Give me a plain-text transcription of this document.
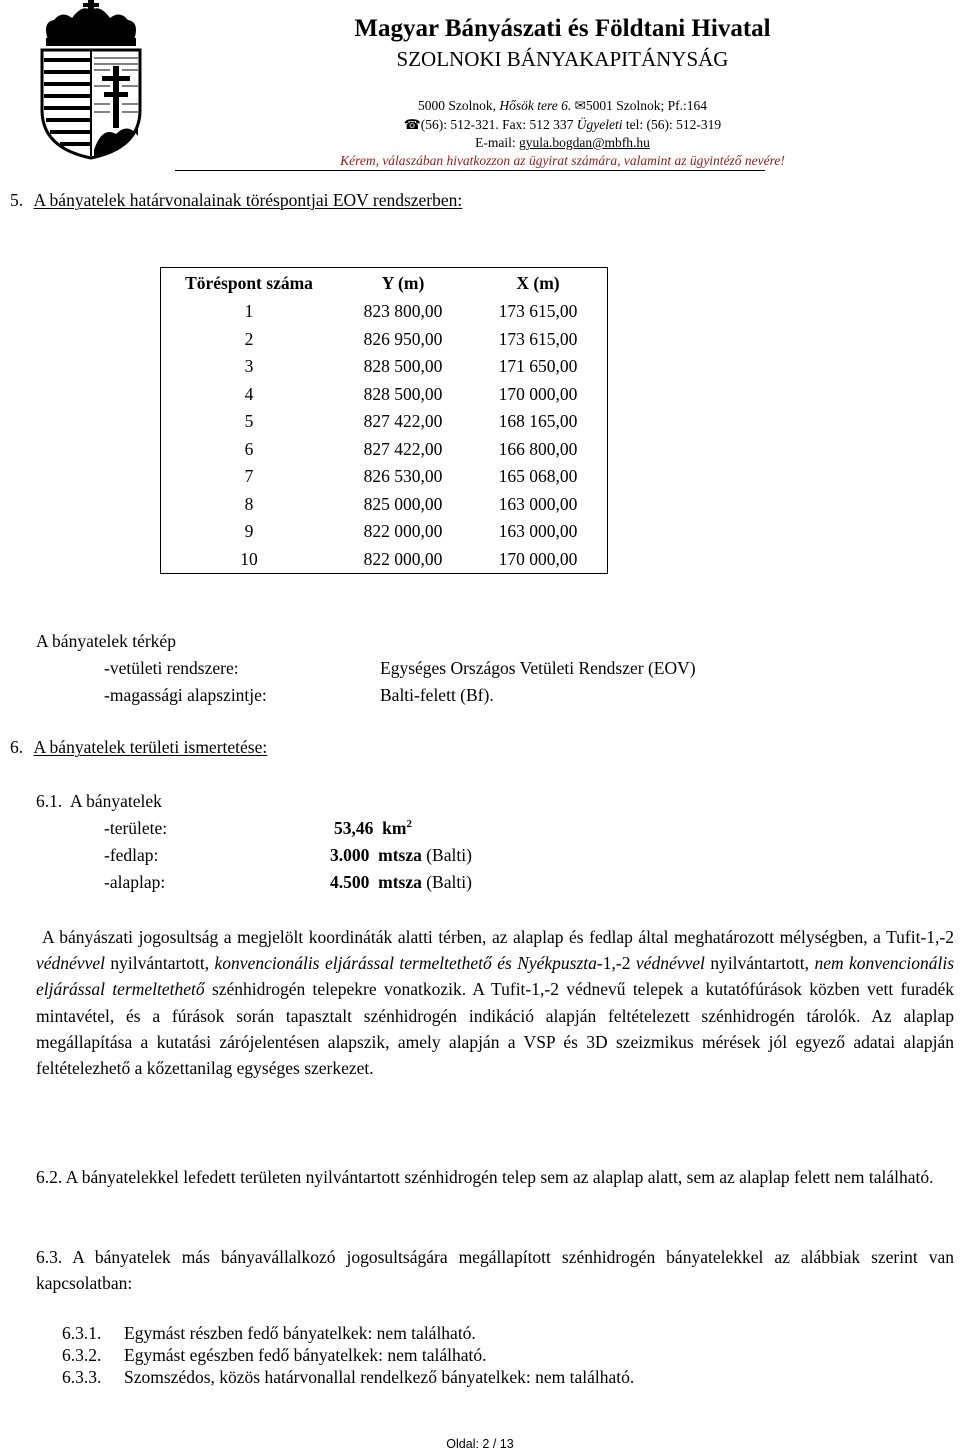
Magyar Bányászati és Földtani Hivatal
SZOLNOKI BÁNYAKAPITÁNYSÁG
5000 Szolnok, Hősök tere 6. ✉5001 Szolnok; Pf.:164
☎(56): 512-321. Fax: 512 337 Ügyeleti tel: (56): 512-319
E-mail: gyula.bogdan@mbfh.hu
Kérem, válaszában hivatkozzon az ügyirat számára, valamint az ügyintéző nevére!
5. A bányatelek határvonalainak töréspontjai EOV rendszerben:
Töréspont száma	Y (m)	X (m)
1	823 800,00	173 615,00
2	826 950,00	173 615,00
3	828 500,00	171 650,00
4	828 500,00	170 000,00
5	827 422,00	168 165,00
6	827 422,00	166 800,00
7	826 530,00	165 068,00
8	825 000,00	163 000,00
9	822 000,00	163 000,00
10	822 000,00	170 000,00
A bányatelek térkép
-vetületi rendszere:	Egységes Országos Vetületi Rendszer (EOV)
-magassági alapszintje:	Balti-felett (Bf).
6. A bányatelek területi ismertetése:
6.1.  A bányatelek
-területe:	53,46  $km^2$
-fedlap:	3.000  mtsza (Balti)
-alaplap:	4.500  mtsza (Balti)
A bányászati jogosultság a megjelölt koordináták alatti térben, az alaplap és fedlap által meghatározott mélységben, a Tufit-1,-2 védnévvel nyilvántartott, konvencionális eljárással termeltethető és Nyékpuszta-1,-2 védnévvel nyilvántartott, nem konvencionális eljárással termeltethető szénhidrogén telepekre vonatkozik. A Tufit-1,-2 védnevű telepek a kutatófúrások közben vett furadék mintavétel, és a fúrások során tapasztalt szénhidrogén indikáció alapján feltételezett szénhidrogén tárolók. Az alaplap megállapítása a kutatási zárójelentésen alapszik, amely alapján a VSP és 3D szeizmikus mérések jól egyező adatai alapján feltételezhető a kőzettanilag egységes szerkezet.
6.2. A bányatelekkel lefedett területen nyilvántartott szénhidrogén telep sem az alaplap alatt, sem az alaplap felett nem található.
6.3. A bányatelek más bányavállalkozó jogosultságára megállapított szénhidrogén bányatelekkel az alábbiak szerint van kapcsolatban:
6.3.1. Egymást részben fedő bányatelkek: nem található.
6.3.2. Egymást egészben fedő bányatelkek: nem található.
6.3.3. Szomszédos, közös határvonallal rendelkező bányatelkek: nem található.
Oldal: 2 / 13
